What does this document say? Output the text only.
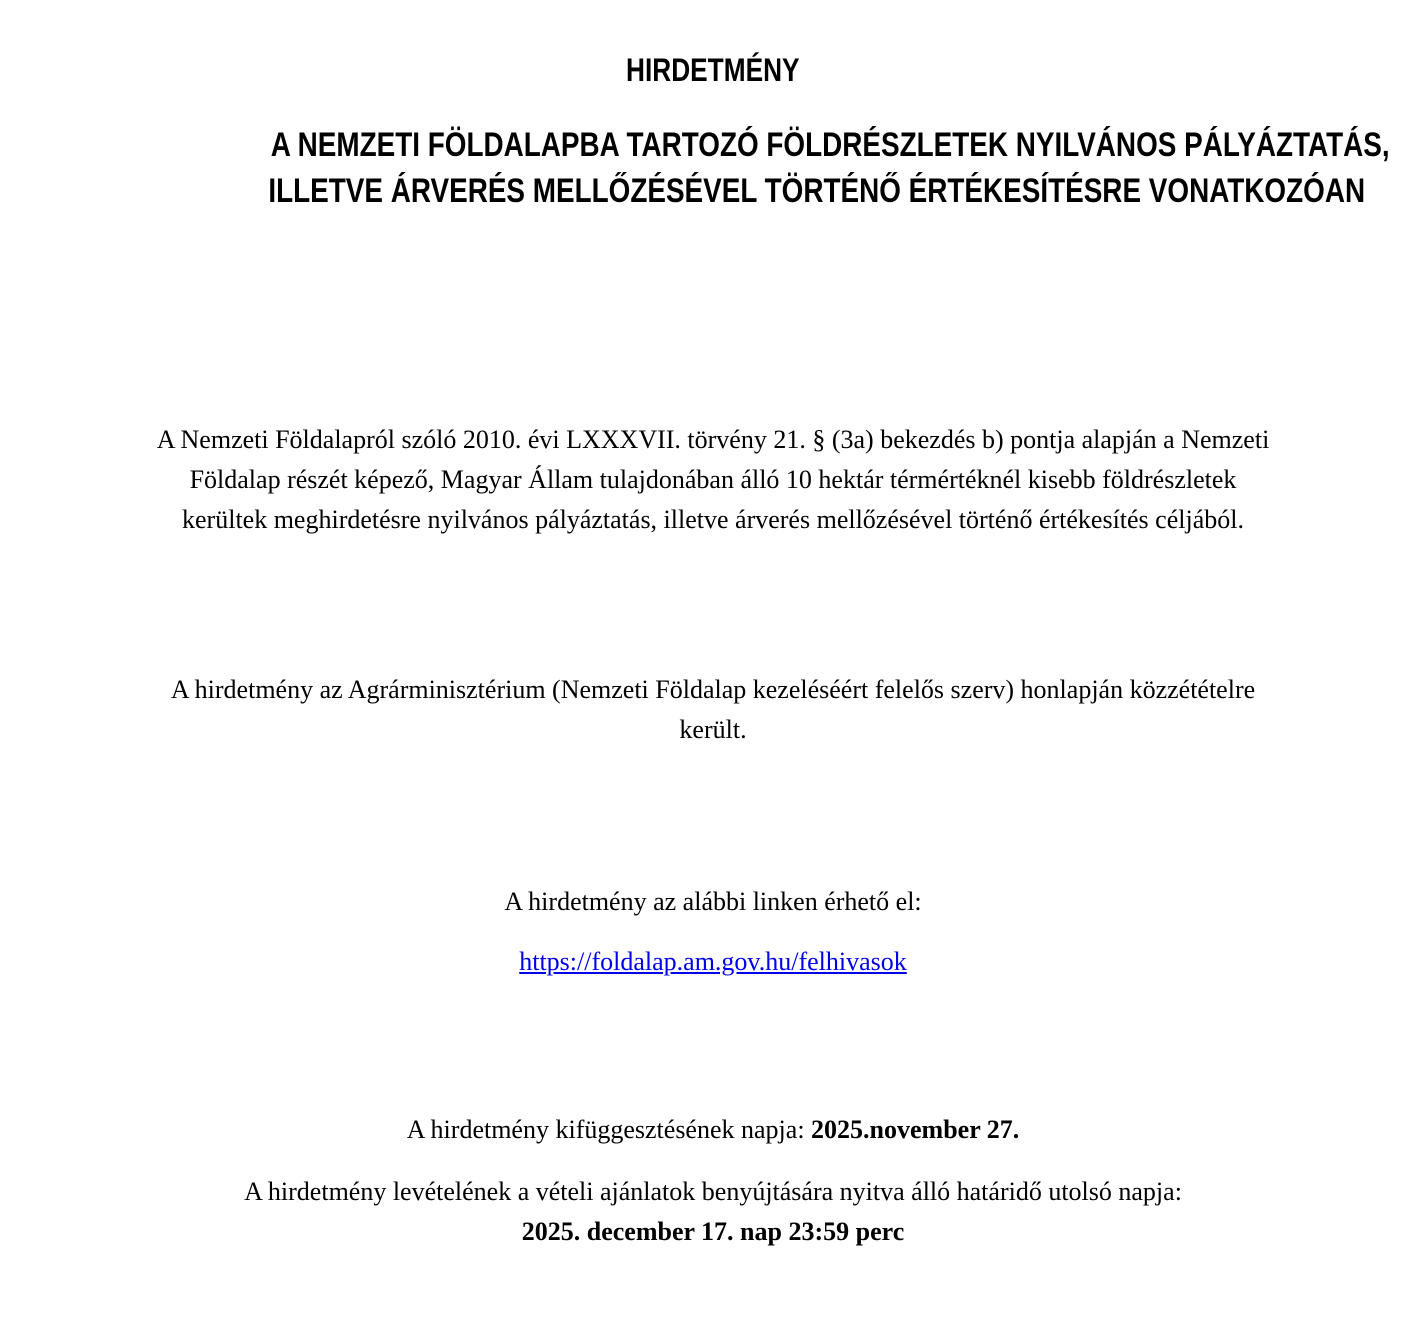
HIRDETMÉNY
A NEMZETI FÖLDALAPBA TARTOZÓ FÖLDRÉSZLETEK NYILVÁNOS PÁLYÁZTATÁS,
ILLETVE ÁRVERÉS MELLŐZÉSÉVEL TÖRTÉNŐ ÉRTÉKESÍTÉSRE VONATKOZÓAN

A Nemzeti Földalapról szóló 2010. évi LXXXVII. törvény 21. § (3a) bekezdés b) pontja alapján a Nemzeti Földalap részét képező, Magyar Állam tulajdonában álló 10 hektár térmértéknél kisebb földrészletek kerültek meghirdetésre nyilvános pályáztatás, illetve árverés mellőzésével történő értékesítés céljából.

A hirdetmény az Agrárminisztérium (Nemzeti Földalap kezeléséért felelős szerv) honlapján közzétételre került.

A hirdetmény az alábbi linken érhető el:

https://foldalap.am.gov.hu/felhivasok

A hirdetmény kifüggesztésének napja: 2025.november 27.

A hirdetmény levételének a vételi ajánlatok benyújtására nyitva álló határidő utolsó napja:
2025. december 17. nap 23:59 perc
